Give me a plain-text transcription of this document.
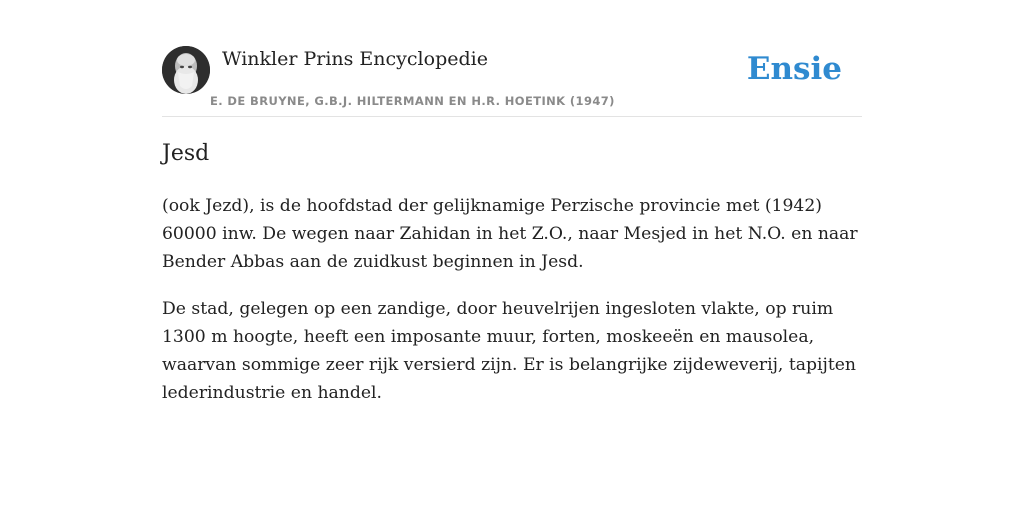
Winkler Prins Encyclopedie
E. DE BRUYNE, G.B.J. HILTERMANN EN H.R. HOETINK (1947)
Ensie
Jesd

(ook Jezd), is de hoofdstad der gelijknamige Perzische provincie met (1942) 60000 inw. De wegen naar Zahidan in het Z.O., naar Mesjed in het N.O. en naar Bender Abbas aan de zuidkust beginnen in Jesd.

De stad, gelegen op een zandige, door heuvelrijen ingesloten vlakte, op ruim 1300 m hoogte, heeft een imposante muur, forten, moskeeën en mausolea, waarvan sommige zeer rijk versierd zijn. Er is belangrijke zijdeweverij, tapijten lederindustrie en handel.
